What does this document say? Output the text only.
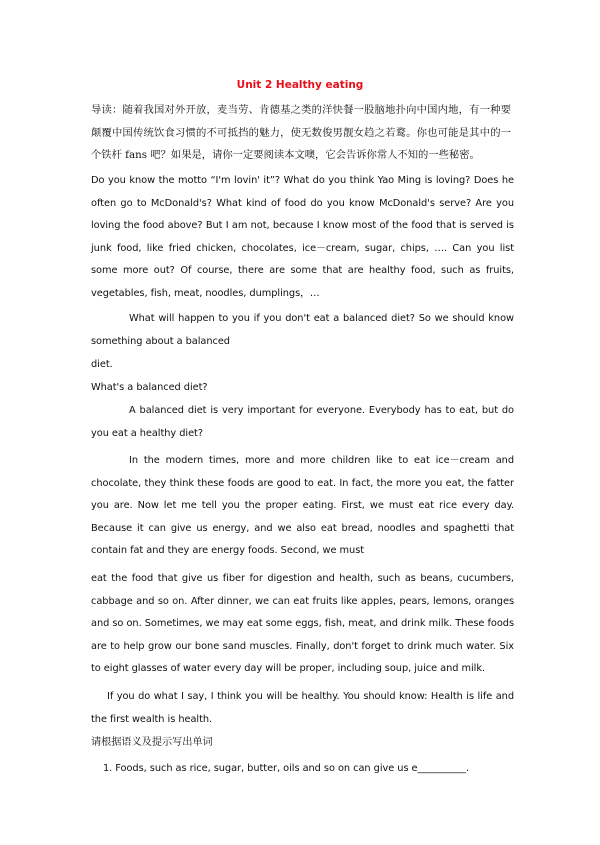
Unit 2 Healthy eating

导读：随着我国对外开放，麦当劳、肯德基之类的洋快餐一股脑地扑向中国内地，有一种要颠覆中国传统饮食习惯的不可抵挡的魅力，使无数俊男靓女趋之若鹜。你也可能是其中的一个铁杆 fans 吧？如果是，请你一定要阅读本文噢，它会告诉你常人不知的一些秘密。

Do you know the motto “I'm lovin' it”? What do you think Yao Ming is loving? Does he often go to McDonald's? What kind of food do you know McDonald's serve? Are you loving the food above? But I am not, because I know most of the food that is served is junk food, like fried chicken, chocolates, ice－cream, sugar, chips, …. Can you list some more out? Of course, there are some that are healthy food, such as fruits, vegetables, fish, meat, noodles, dumplings，…

What will happen to you if you don't eat a balanced diet? So we should know something about a balanced

diet.

What's a balanced diet?

A balanced diet is very important for everyone. Everybody has to eat, but do you eat a healthy diet?

In the modern times, more and more children like to eat ice－cream and chocolate, they think these foods are good to eat. In fact, the more you eat, the fatter you are. Now let me tell you the proper eating. First, we must eat rice every day. Because it can give us energy, and we also eat bread, noodles and spaghetti that contain fat and they are energy foods. Second, we must

eat the food that give us fiber for digestion and health, such as beans, cucumbers, cabbage and so on. After dinner, we can eat fruits like apples, pears, lemons, oranges and so on. Sometimes, we may eat some eggs, fish, meat, and drink milk. These foods are to help grow our bone sand muscles. Finally, don't forget to drink much water. Six to eight glasses of water every day will be proper, including soup, juice and milk.

If you do what I say, I think you will be healthy. You should know: Health is life and the first wealth is health.

请根据语义及提示写出单词

1. Foods, such as rice, sugar, butter, oils and so on can give us e__________.
